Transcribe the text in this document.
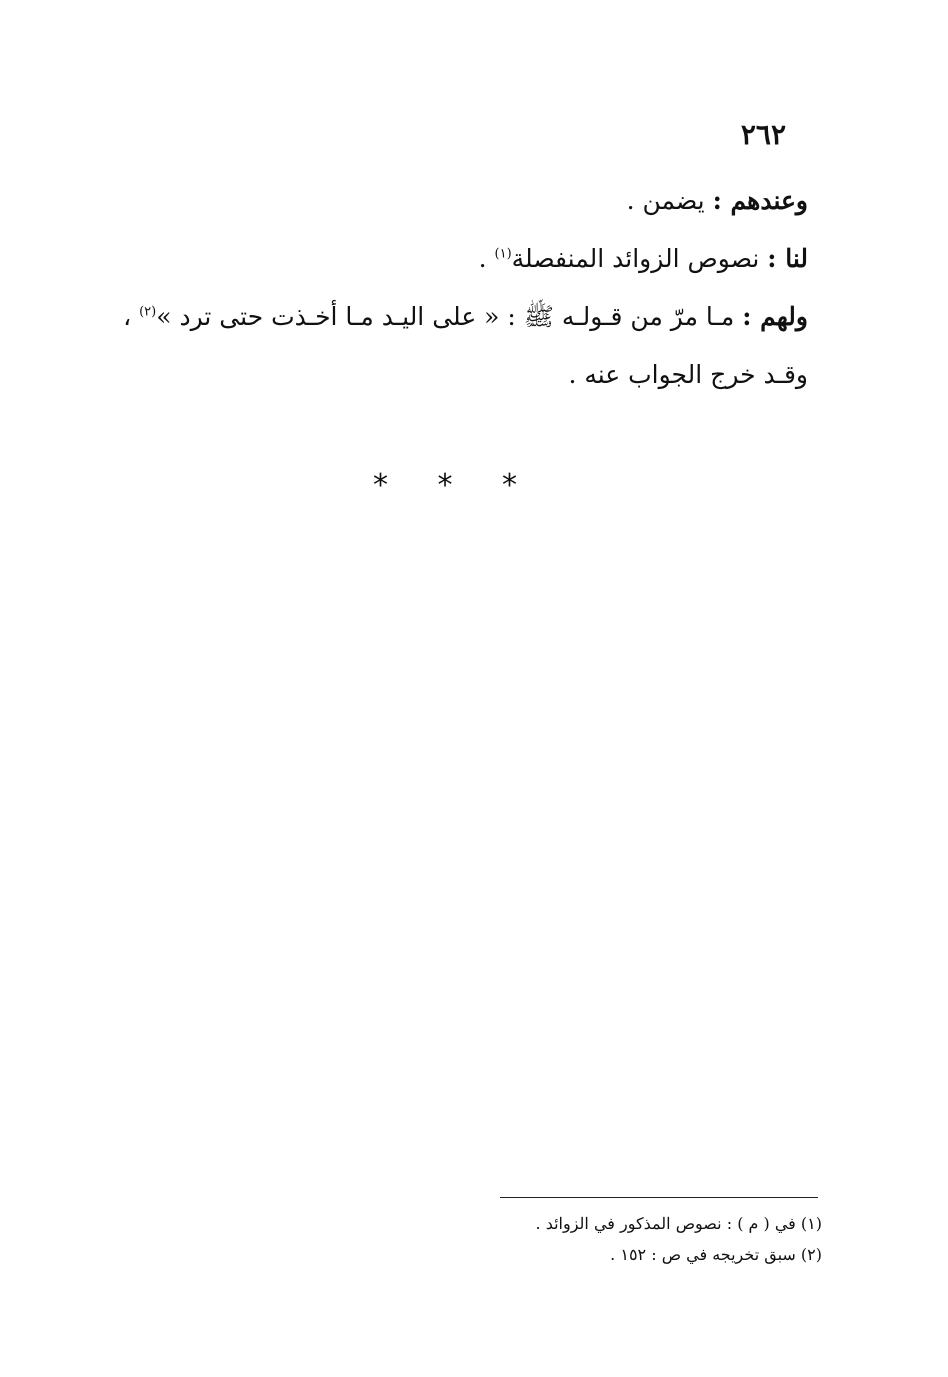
٢٦٢

وعندهم : يضمن .

لنا : نصوص الزوائد المنفصلة$^{(١)}$ .

ولهم : مـا مرّ من قـولـه ﷺ : « على اليـد مـا أخـذت حتى ترد »$^{(٢)}$ ، وقـد خرج الجواب عنه .

* * *

(١) في ( م ) : نصوص المذكور في الزوائد .

(٢) سبق تخريجه في ص : ١٥٢ .
